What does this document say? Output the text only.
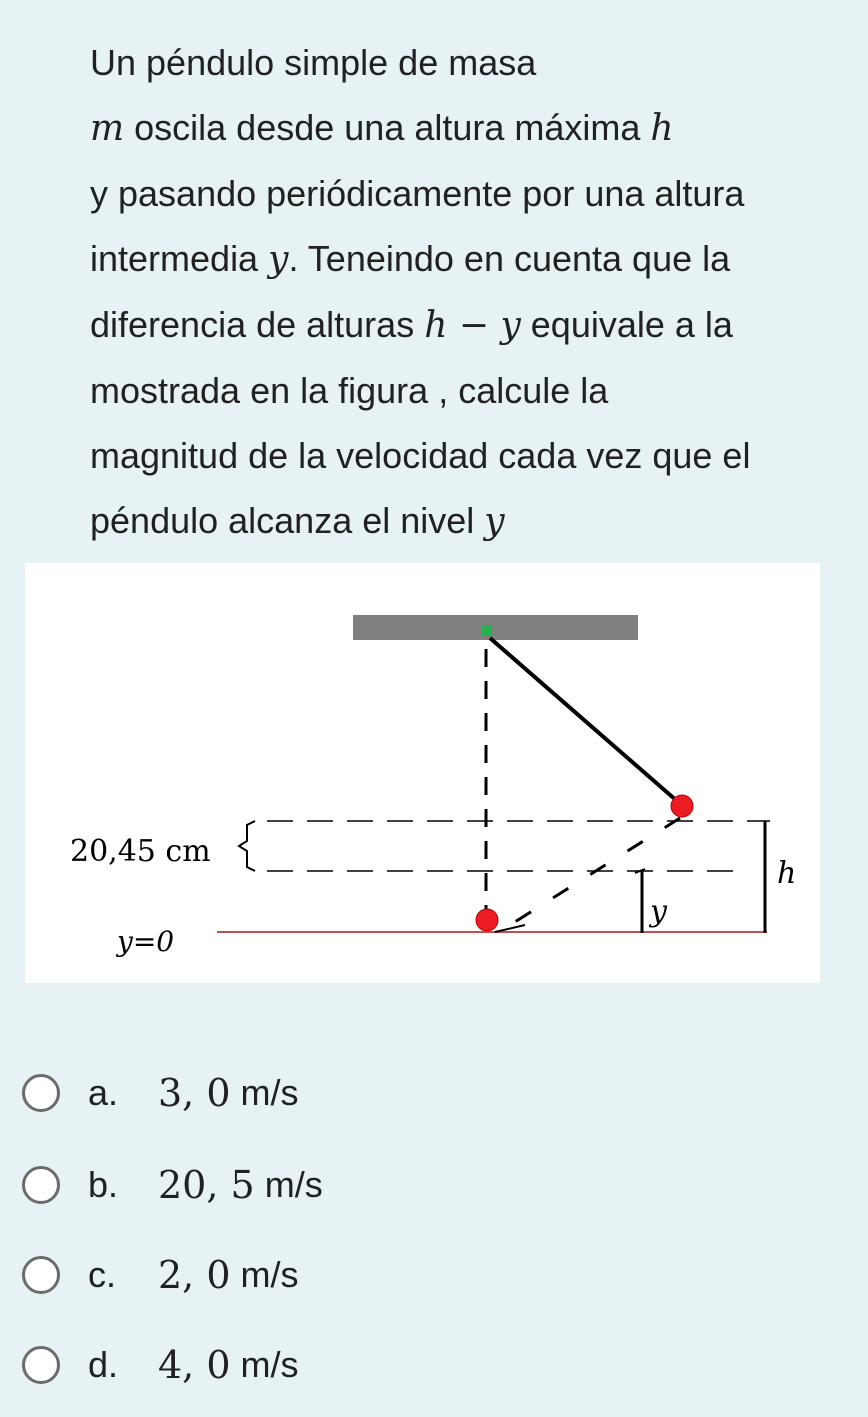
Un péndulo simple de masa
m oscila desde una altura máxima h
y pasando periódicamente por una altura
intermedia y. Teneindo en cuenta que la
diferencia de alturas h − y equivale a la
mostrada en la figura , calcule la
magnitud de la velocidad cada vez que el
péndulo alcanza el nivel y
20,45 cm
y=0
h
y
a.	3, 0 m/s
b.	20, 5 m/s
c.	2, 0 m/s
d.	4, 0 m/s
